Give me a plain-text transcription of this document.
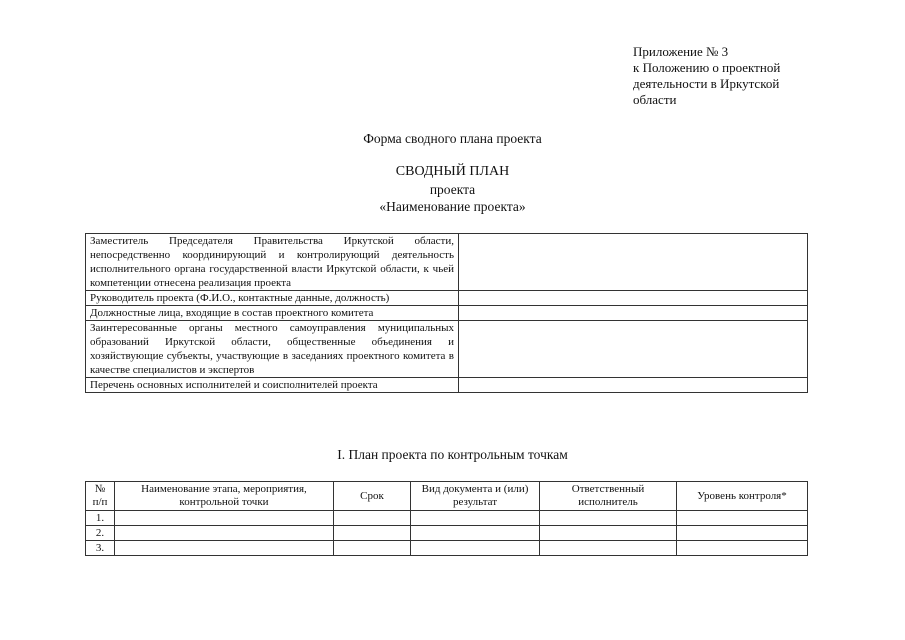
Приложение № 3
к Положению о проектной
деятельности в Иркутской
области
Форма сводного плана проекта
СВОДНЫЙ ПЛАН
проекта
«Наименование проекта»
Заместитель Председателя Правительства Иркутской области, непосредственно координирующий и контролирующий деятельность исполнительного органа государственной власти Иркутской области, к чьей компетенции отнесена реализация проекта	
Руководитель проекта (Ф.И.О., контактные данные, должность)	
Должностные лица, входящие в состав проектного комитета	
Заинтересованные органы местного самоуправления муниципальных образований Иркутской области, общественные объединения и хозяйствующие субъекты, участвующие в заседаниях проектного комитета в качестве специалистов и экспертов	
Перечень основных исполнителей и соисполнителей проекта	
I. План проекта по контрольным точкам
№ п/п	Наименование этапа, мероприятия, контрольной точки	Срок	Вид документа и (или) результат	Ответственный исполнитель	Уровень контроля*
1.					
2.					
3.					
